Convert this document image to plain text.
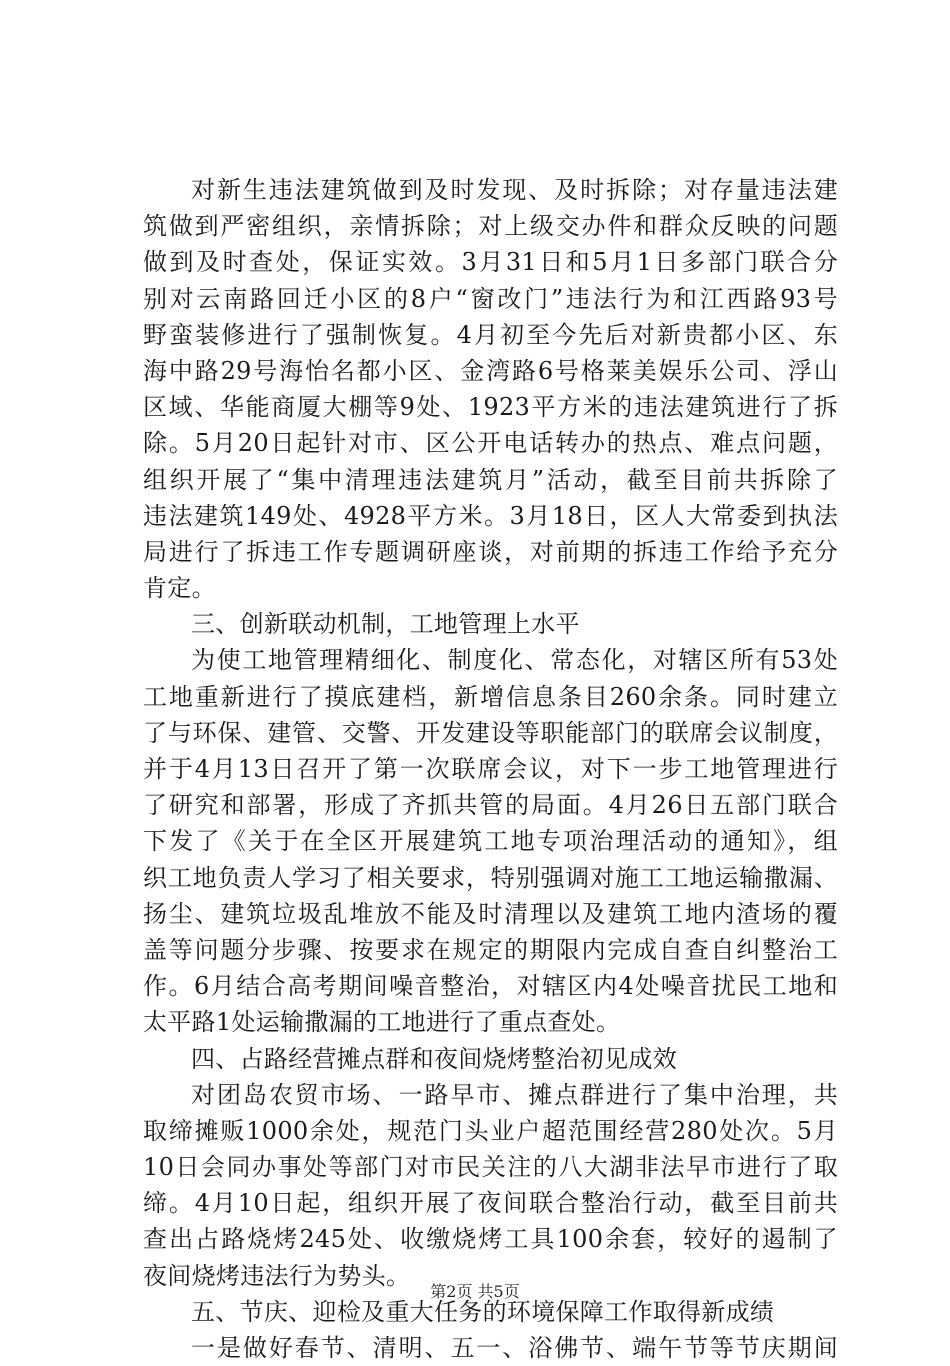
对新生违法建筑做到及时发现、及时拆除；对存量违法建
筑做到严密组织，亲情拆除；对上级交办件和群众反映的问题
做到及时查处，保证实效。3月31日和5月1日多部门联合分
别对云南路回迁小区的8户“窗改门”违法行为和江西路93号
野蛮装修进行了强制恢复。4月初至今先后对新贵都小区、东
海中路29号海怡名都小区、金湾路6号格莱美娱乐公司、浮山
区域、华能商厦大棚等9处、1923平方米的违法建筑进行了拆
除。5月20日起针对市、区公开电话转办的热点、难点问题，
组织开展了“集中清理违法建筑月”活动，截至目前共拆除了
违法建筑149处、4928平方米。3月18日，区人大常委到执法
局进行了拆违工作专题调研座谈，对前期的拆违工作给予充分
肯定。
三、创新联动机制，工地管理上水平
为使工地管理精细化、制度化、常态化，对辖区所有53处
工地重新进行了摸底建档，新增信息条目260余条。同时建立
了与环保、建管、交警、开发建设等职能部门的联席会议制度，
并于4月13日召开了第一次联席会议，对下一步工地管理进行
了研究和部署，形成了齐抓共管的局面。4月26日五部门联合
下发了《关于在全区开展建筑工地专项治理活动的通知》，组
织工地负责人学习了相关要求，特别强调对施工工地运输撒漏、
扬尘、建筑垃圾乱堆放不能及时清理以及建筑工地内渣场的覆
盖等问题分步骤、按要求在规定的期限内完成自查自纠整治工
作。6月结合高考期间噪音整治，对辖区内4处噪音扰民工地和
太平路1处运输撒漏的工地进行了重点查处。
四、占路经营摊点群和夜间烧烤整治初见成效
对团岛农贸市场、一路早市、摊点群进行了集中治理，共
取缔摊贩1000余处，规范门头业户超范围经营280处次。5月
10日会同办事处等部门对市民关注的八大湖非法早市进行了取
缔。4月10日起，组织开展了夜间联合整治行动，截至目前共
查出占路烧烤245处、收缴烧烤工具100余套，较好的遏制了
夜间烧烤违法行为势头。
五、节庆、迎检及重大任务的环境保障工作取得新成绩
一是做好春节、清明、五一、浴佛节、端午节等节庆期间
第2页 共5页
